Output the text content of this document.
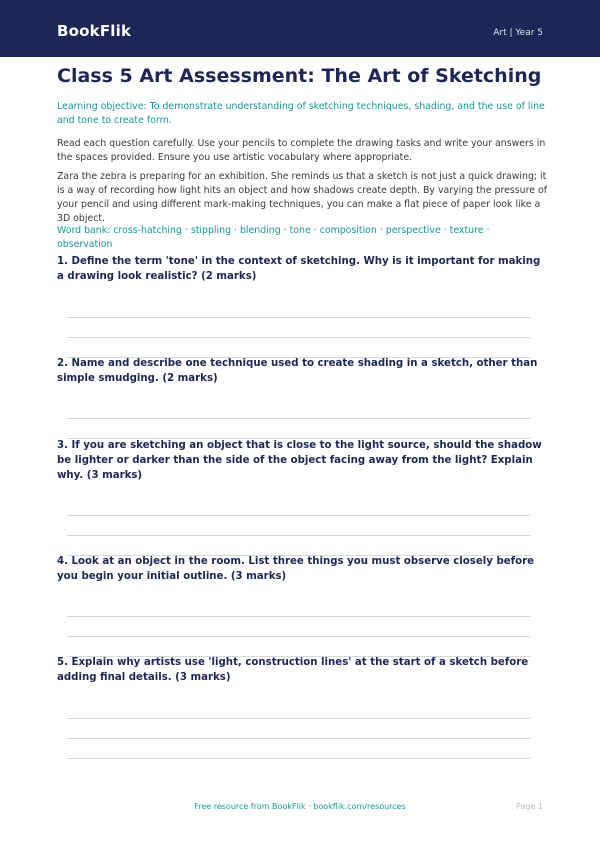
BookFlik	Art | Year 5
Class 5 Art Assessment: The Art of Sketching

Learning objective: To demonstrate understanding of sketching techniques, shading, and the use of line and tone to create form.

Read each question carefully. Use your pencils to complete the drawing tasks and write your answers in the spaces provided. Ensure you use artistic vocabulary where appropriate.

Zara the zebra is preparing for an exhibition. She reminds us that a sketch is not just a quick drawing; it is a way of recording how light hits an object and how shadows create depth. By varying the pressure of your pencil and using different mark-making techniques, you can make a flat piece of paper look like a 3D object.

Word bank: cross-hatching · stippling · blending · tone · composition · perspective · texture · observation

1. Define the term 'tone' in the context of sketching. Why is it important for making a drawing look realistic? (2 marks)

2. Name and describe one technique used to create shading in a sketch, other than simple smudging. (2 marks)

3. If you are sketching an object that is close to the light source, should the shadow be lighter or darker than the side of the object facing away from the light? Explain why. (3 marks)

4. Look at an object in the room. List three things you must observe closely before you begin your initial outline. (3 marks)

5. Explain why artists use 'light, construction lines' at the start of a sketch before adding final details. (3 marks)

Free resource from BookFlik · bookflik.com/resources	Page 1
